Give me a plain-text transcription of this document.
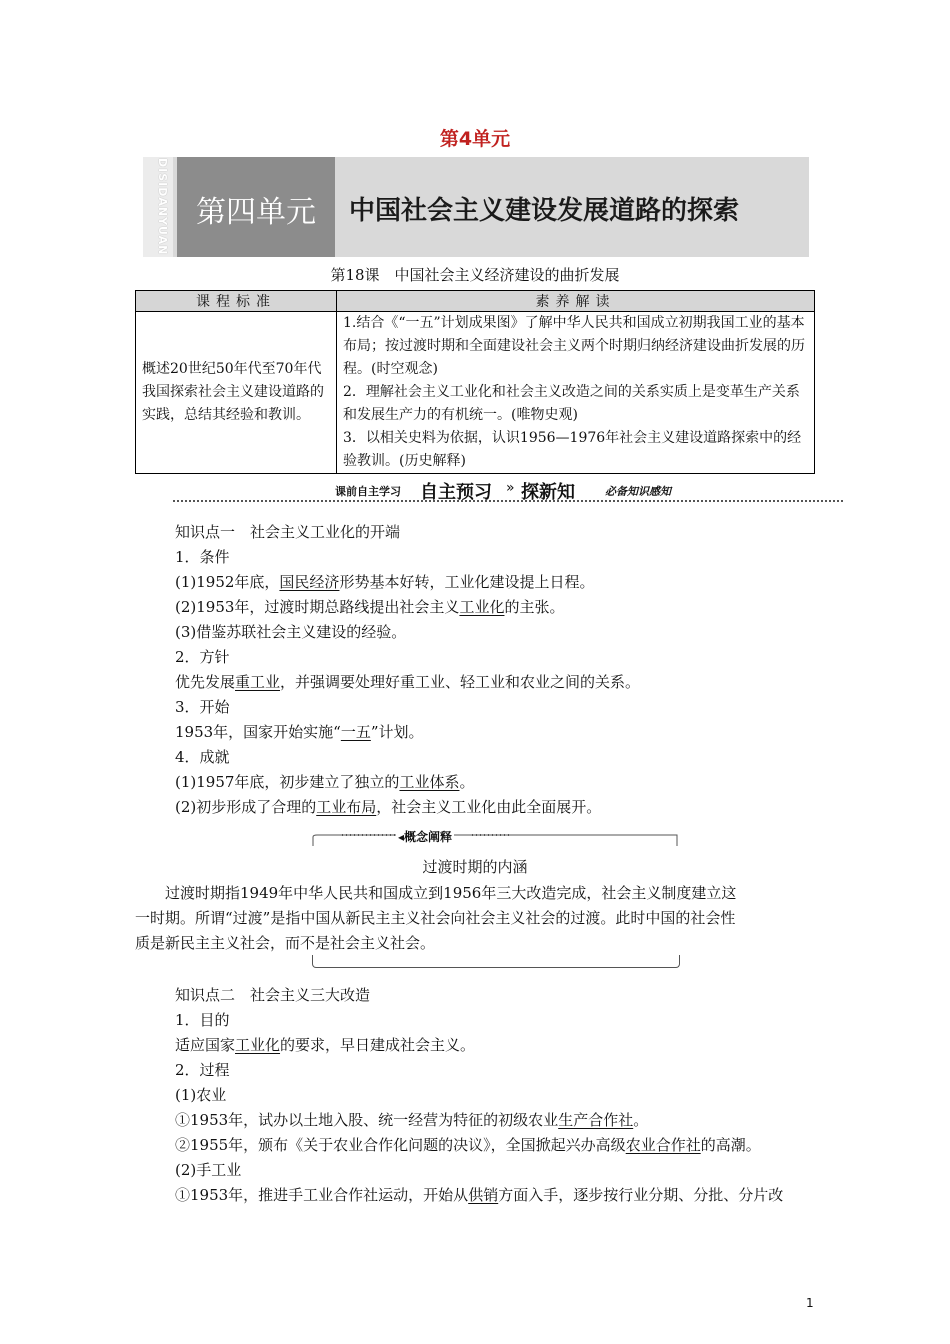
第4单元
DISIDANYUAN 第四单元	中国社会主义建设发展道路的探索
第18课　中国社会主义经济建设的曲折发展
课程标准	素养解读
概述20世纪50年代至70年代我国探索社会主义建设道路的实践，总结其经验和教训。	1.结合《“一五”计划成果图》了解中华人民共和国成立初期我国工业的基本布局；按过渡时期和全面建设社会主义两个时期归纳经济建设曲折发展的历程。(时空观念)
2．理解社会主义工业化和社会主义改造之间的关系实质上是变革生产关系和发展生产力的有机统一。(唯物史观)
3．以相关史料为依据，认识1956—1976年社会主义建设道路探索中的经验教训。(历史解释)
课前自主学习 自主预习 » 探新知	必备知识感知
知识点一　社会主义工业化的开端
1．条件
(1)1952年底，国民经济形势基本好转，工业化建设提上日程。
(2)1953年，过渡时期总路线提出社会主义工业化的主张。
(3)借鉴苏联社会主义建设的经验。
2．方针
优先发展重工业，并强调要处理好重工业、轻工业和农业之间的关系。
3．开始
1953年，国家开始实施“一五”计划。
4．成就
(1)1957年底，初步建立了独立的工业体系。
(2)初步形成了合理的工业布局，社会主义工业化由此全面展开。
◂概念阐释
过渡时期的内涵
　　过渡时期指1949年中华人民共和国成立到1956年三大改造完成，社会主义制度建立这
一时期。所谓“过渡”是指中国从新民主主义社会向社会主义社会的过渡。此时中国的社会性
质是新民主主义社会，而不是社会主义社会。
知识点二　社会主义三大改造
1．目的
适应国家工业化的要求，早日建成社会主义。
2．过程
(1)农业
①1953年，试办以土地入股、统一经营为特征的初级农业生产合作社。
②1955年，颁布《关于农业合作化问题的决议》，全国掀起兴办高级农业合作社的高潮。
(2)手工业
①1953年，推进手工业合作社运动，开始从供销方面入手，逐步按行业分期、分批、分片改
1
